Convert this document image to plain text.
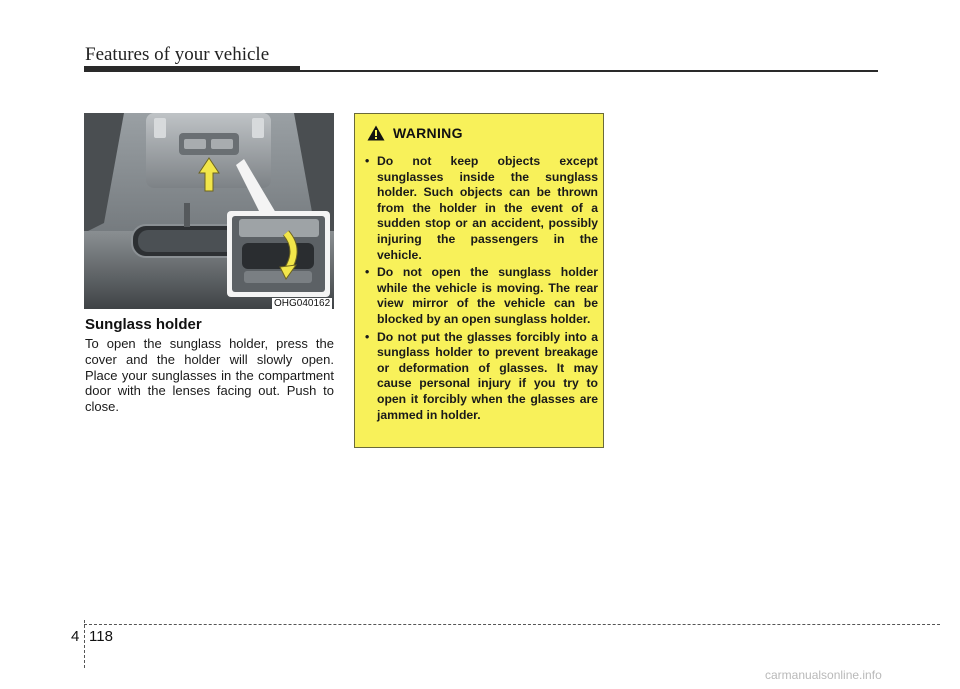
Features of your vehicle
OHG040162
Sunglass holder

To open the sunglass holder, press the cover and the holder will slowly open. Place your sunglasses in the compartment door with the lenses facing out. Push to close.

WARNING
• Do not keep objects except sunglasses inside the sunglass holder. Such objects can be thrown from the holder in the event of a sudden stop or an accident, possibly injuring the passengers in the vehicle.
• Do not open the sunglass holder while the vehicle is moving. The rear view mirror of the vehicle can be blocked by an open sunglass holder.
• Do not put the glasses forcibly into a sunglass holder to prevent breakage or deformation of glasses. It may cause personal injury if you try to open it forcibly when the glasses are jammed in holder.
4 118
carmanualsonline.info
